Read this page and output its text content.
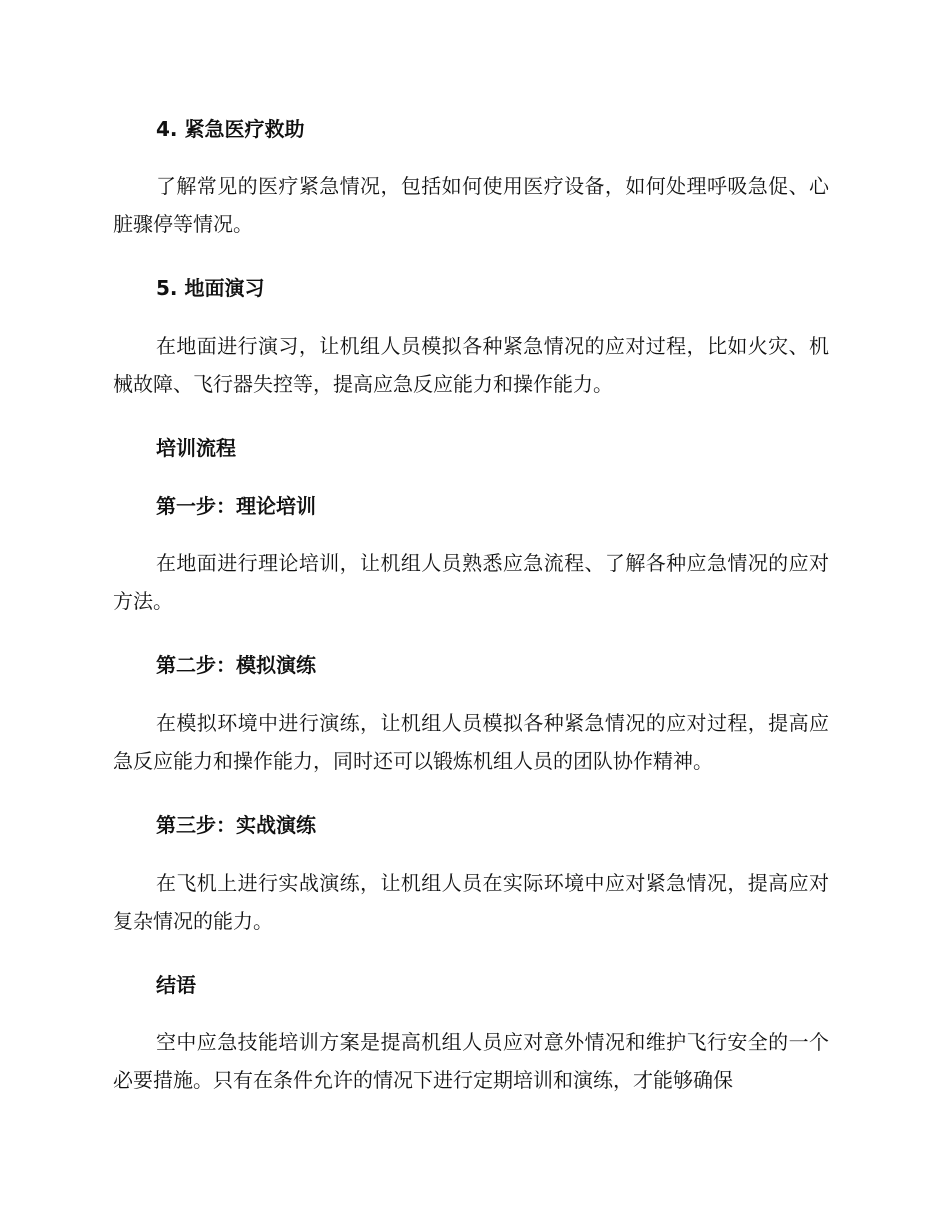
4. 紧急医疗救助
了解常见的医疗紧急情况，包括如何使用医疗设备，如何处理呼吸急促、心脏骤停等情况。
5. 地面演习
在地面进行演习，让机组人员模拟各种紧急情况的应对过程，比如火灾、机械故障、飞行器失控等，提高应急反应能力和操作能力。
培训流程
第一步：理论培训
在地面进行理论培训，让机组人员熟悉应急流程、了解各种应急情况的应对方法。
第二步：模拟演练
在模拟环境中进行演练，让机组人员模拟各种紧急情况的应对过程，提高应急反应能力和操作能力，同时还可以锻炼机组人员的团队协作精神。
第三步：实战演练
在飞机上进行实战演练，让机组人员在实际环境中应对紧急情况，提高应对复杂情况的能力。
结语
空中应急技能培训方案是提高机组人员应对意外情况和维护飞行安全的一个必要措施。只有在条件允许的情况下进行定期培训和演练，才能够确保
